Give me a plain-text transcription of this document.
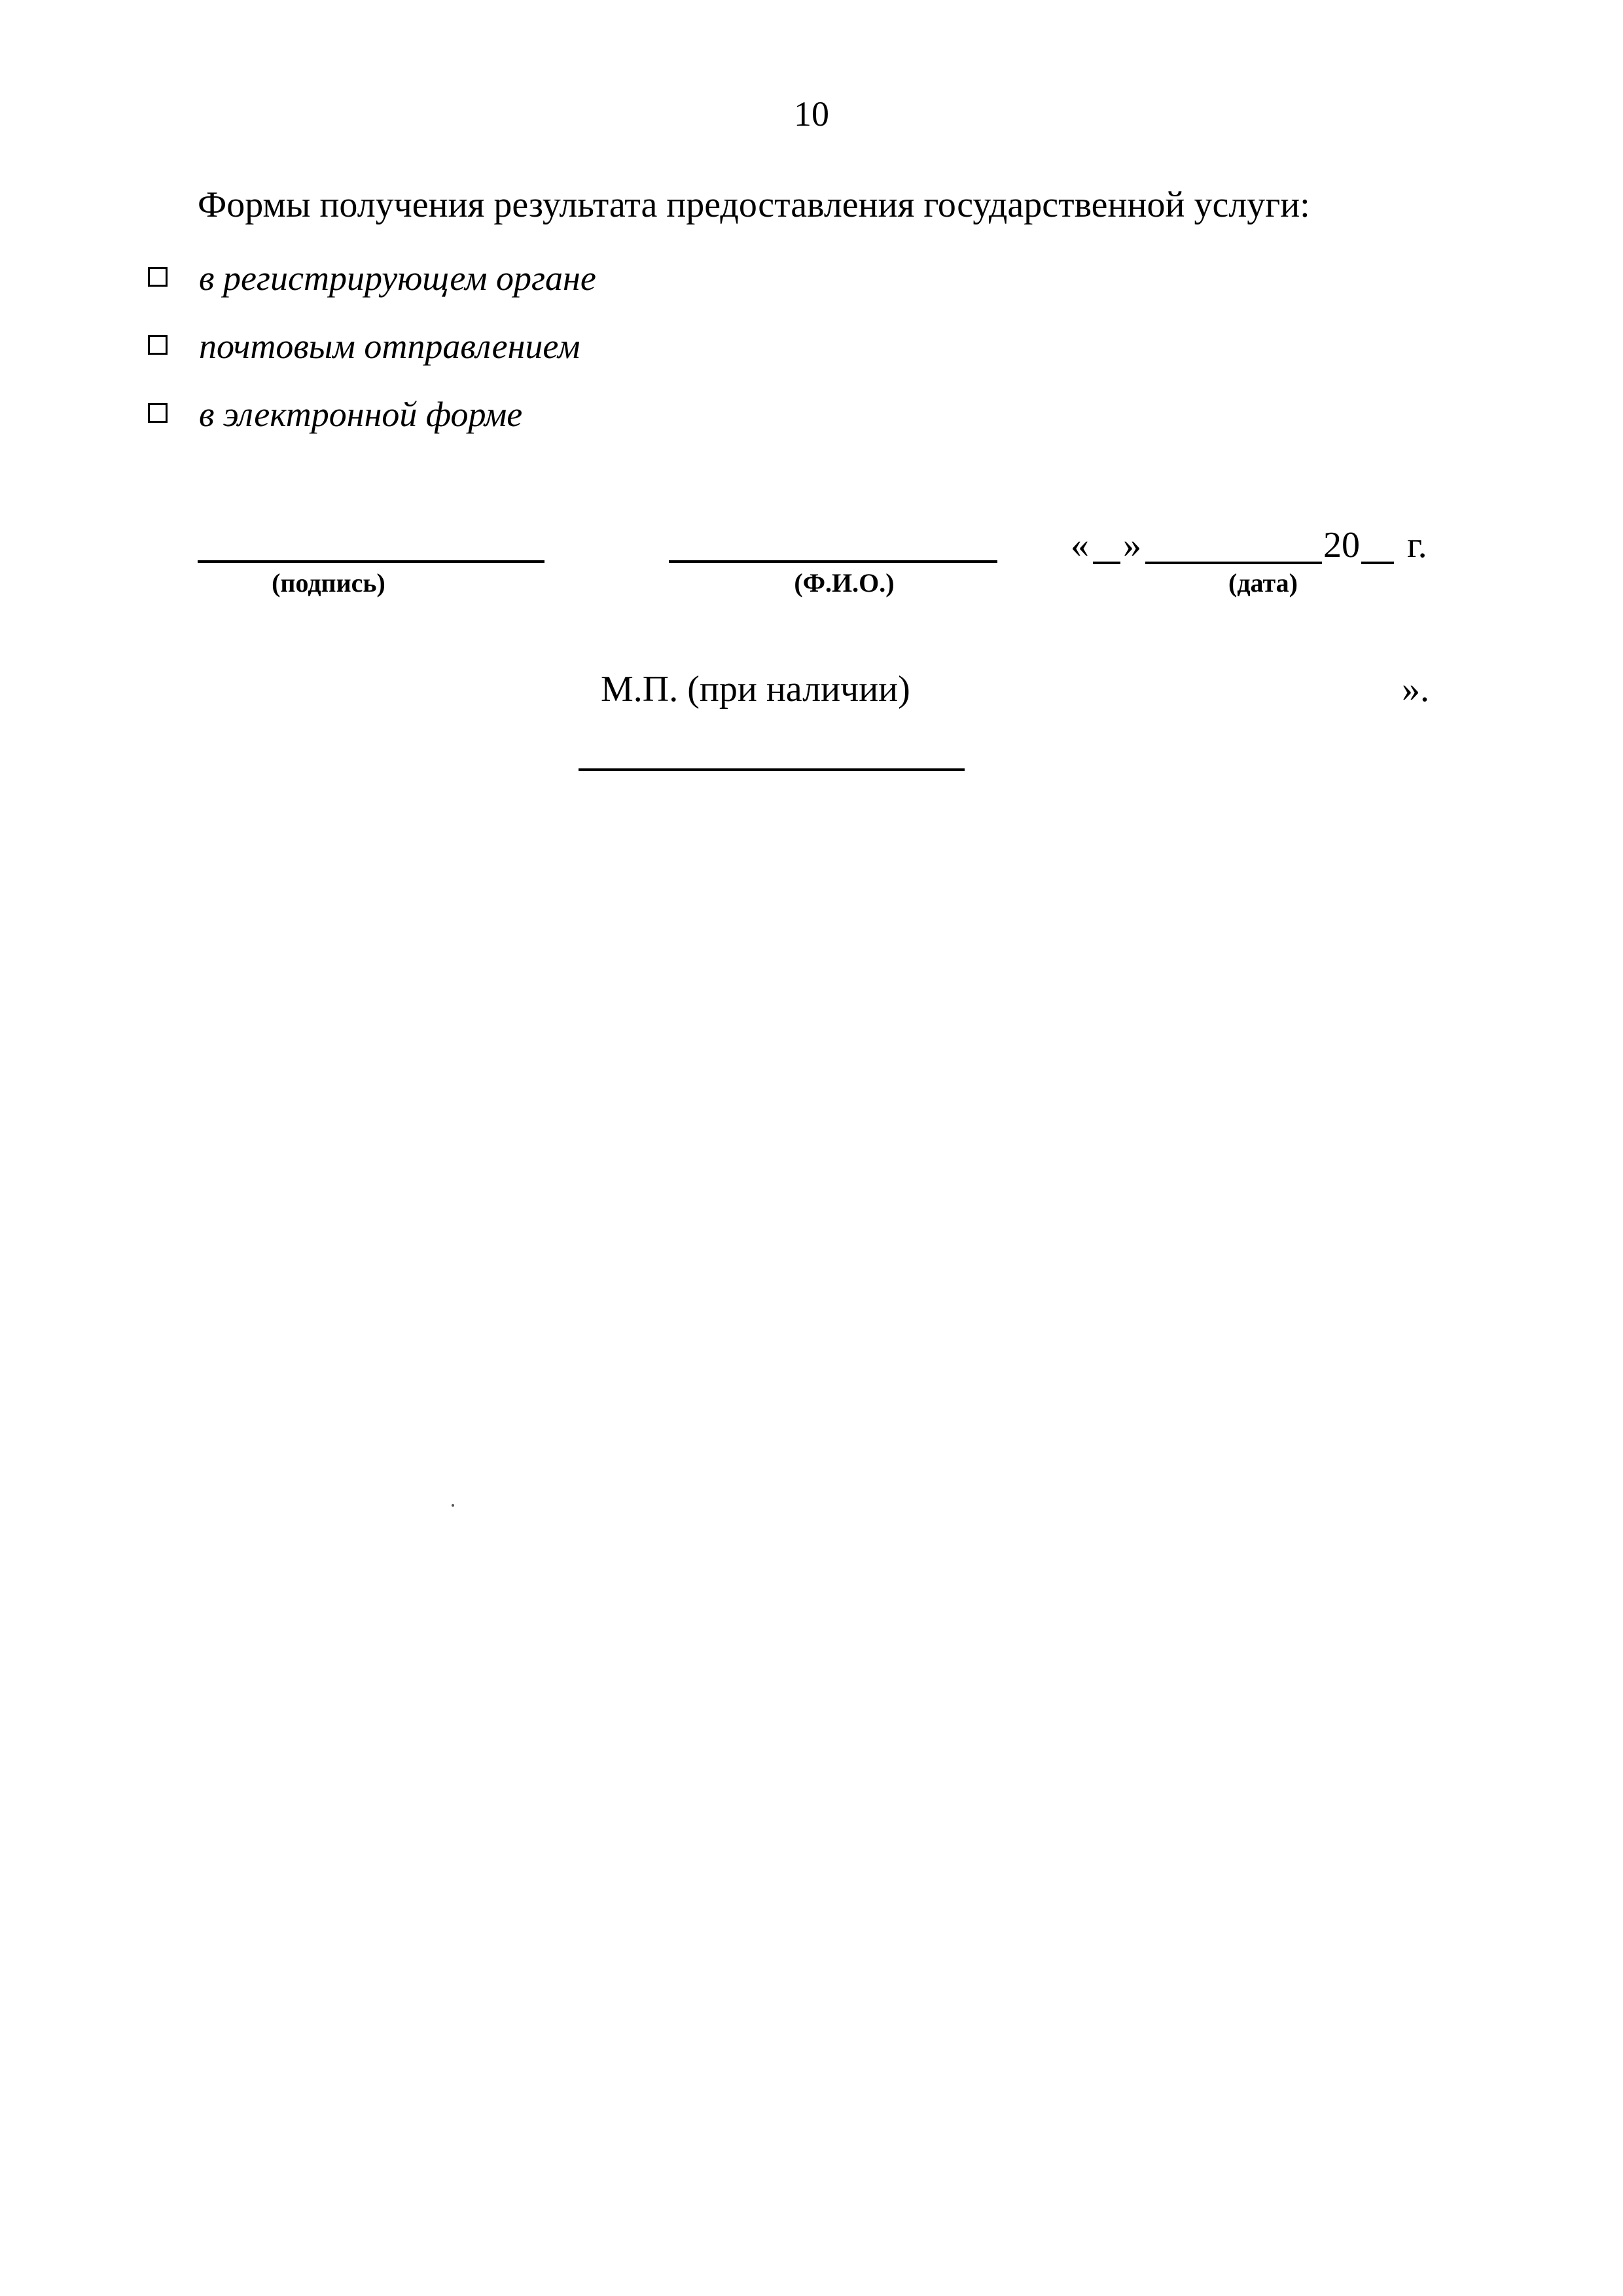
10
Формы получения результата предоставления государственной услуги:
в регистрирующем органе
почтовым отправлением
в электронной форме
(подпись)	(Ф.И.О.)
« »	20 г.
(дата)
М.П. (при наличии)	».
